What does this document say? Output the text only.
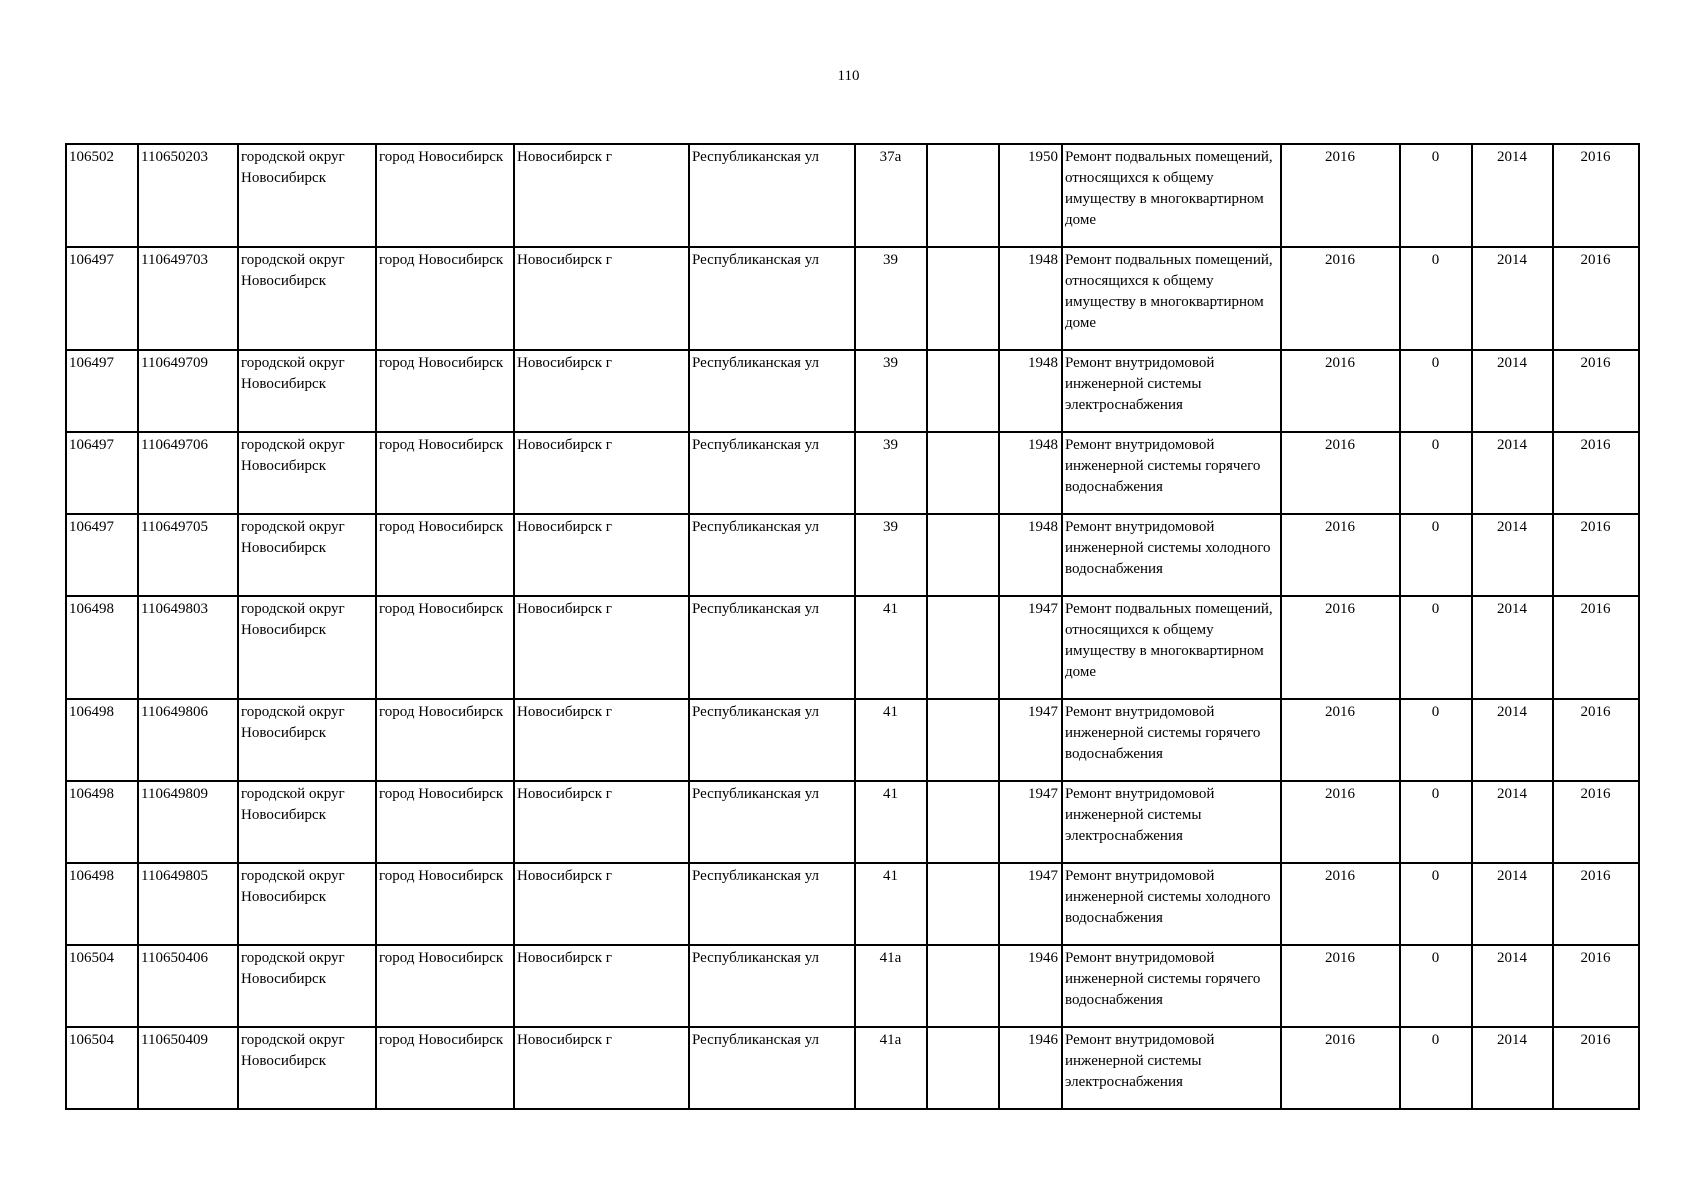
110
106502	110650203	городской округ Новосибирск	город Новосибирск	Новосибирск г	Республиканская ул	37а		1950	Ремонт подвальных помещений, относящихся к общему имуществу в многоквартирном доме	2016	0	2014	2016
106497	110649703	городской округ Новосибирск	город Новосибирск	Новосибирск г	Республиканская ул	39		1948	Ремонт подвальных помещений, относящихся к общему имуществу в многоквартирном доме	2016	0	2014	2016
106497	110649709	городской округ Новосибирск	город Новосибирск	Новосибирск г	Республиканская ул	39		1948	Ремонт внутридомовой инженерной системы электроснабжения	2016	0	2014	2016
106497	110649706	городской округ Новосибирск	город Новосибирск	Новосибирск г	Республиканская ул	39		1948	Ремонт внутридомовой инженерной системы горячего водоснабжения	2016	0	2014	2016
106497	110649705	городской округ Новосибирск	город Новосибирск	Новосибирск г	Республиканская ул	39		1948	Ремонт внутридомовой инженерной системы холодного водоснабжения	2016	0	2014	2016
106498	110649803	городской округ Новосибирск	город Новосибирск	Новосибирск г	Республиканская ул	41		1947	Ремонт подвальных помещений, относящихся к общему имуществу в многоквартирном доме	2016	0	2014	2016
106498	110649806	городской округ Новосибирск	город Новосибирск	Новосибирск г	Республиканская ул	41		1947	Ремонт внутридомовой инженерной системы горячего водоснабжения	2016	0	2014	2016
106498	110649809	городской округ Новосибирск	город Новосибирск	Новосибирск г	Республиканская ул	41		1947	Ремонт внутридомовой инженерной системы электроснабжения	2016	0	2014	2016
106498	110649805	городской округ Новосибирск	город Новосибирск	Новосибирск г	Республиканская ул	41		1947	Ремонт внутридомовой инженерной системы холодного водоснабжения	2016	0	2014	2016
106504	110650406	городской округ Новосибирск	город Новосибирск	Новосибирск г	Республиканская ул	41а		1946	Ремонт внутридомовой инженерной системы горячего водоснабжения	2016	0	2014	2016
106504	110650409	городской округ Новосибирск	город Новосибирск	Новосибирск г	Республиканская ул	41а		1946	Ремонт внутридомовой инженерной системы электроснабжения	2016	0	2014	2016
